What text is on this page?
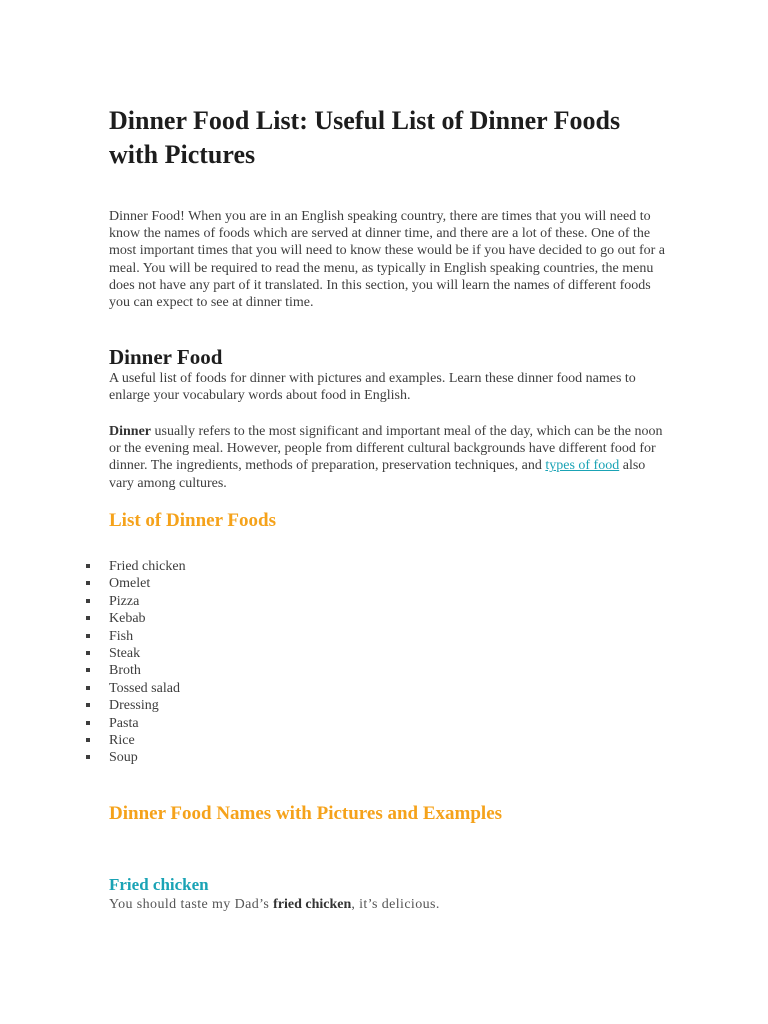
Dinner Food List: Useful List of Dinner Foods with Pictures

Dinner Food! When you are in an English speaking country, there are times that you will need to know the names of foods which are served at dinner time, and there are a lot of these. One of the most important times that you will need to know these would be if you have decided to go out for a meal. You will be required to read the menu, as typically in English speaking countries, the menu does not have any part of it translated. In this section, you will learn the names of different foods you can expect to see at dinner time.

Dinner Food

A useful list of foods for dinner with pictures and examples. Learn these dinner food names to enlarge your vocabulary words about food in English.

Dinner usually refers to the most significant and important meal of the day, which can be the noon or the evening meal. However, people from different cultural backgrounds have different food for dinner. The ingredients, methods of preparation, preservation techniques, and types of food also vary among cultures.

List of Dinner Foods
Fried chicken
Omelet
Pizza
Kebab
Fish
Steak
Broth
Tossed salad
Dressing
Pasta
Rice
Soup
Dinner Food Names with Pictures and Examples
Fried chicken

You should taste my Dad’s fried chicken, it’s delicious.
